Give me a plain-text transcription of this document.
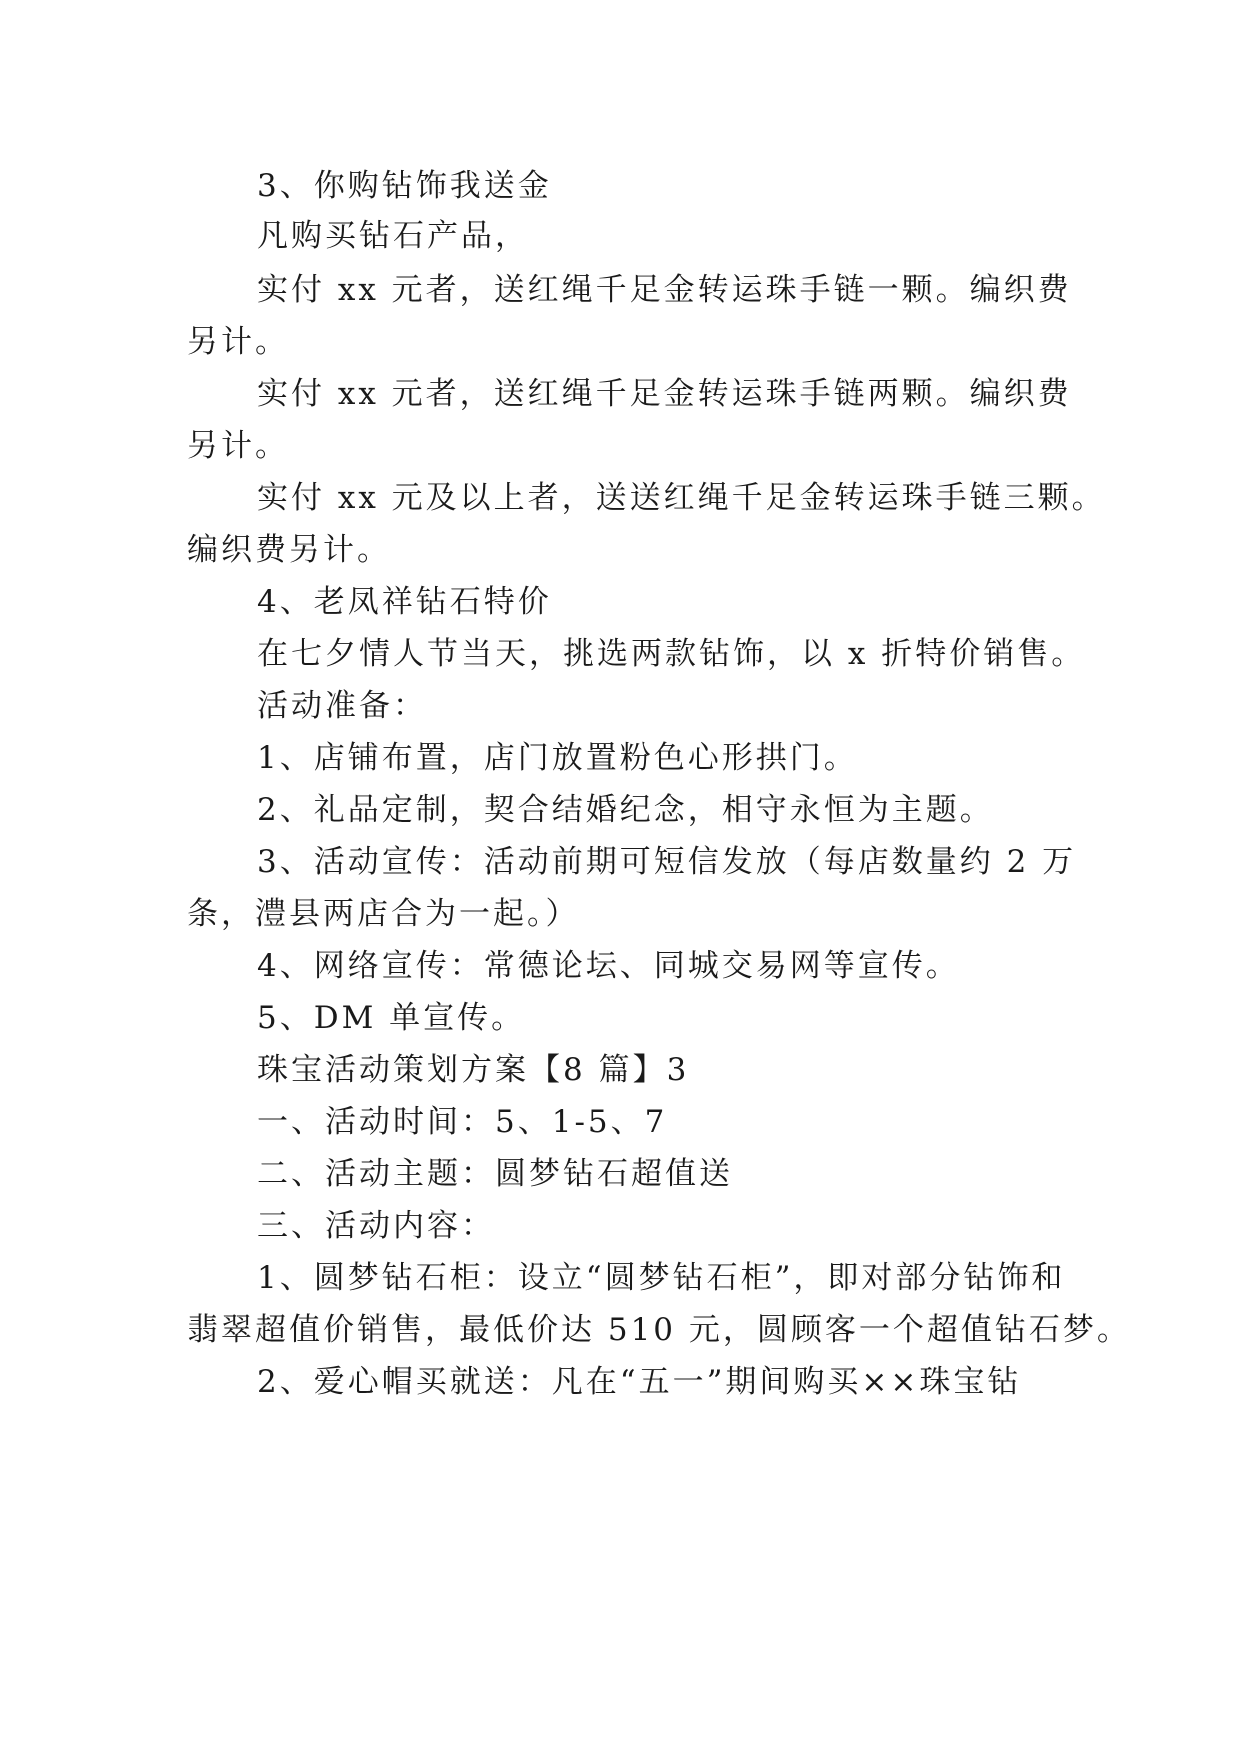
3、你购钻饰我送金
凡购买钻石产品，
实付 xx 元者，送红绳千足金转运珠手链一颗。编织费
另计。
实付 xx 元者，送红绳千足金转运珠手链两颗。编织费
另计。
实付 xx 元及以上者，送送红绳千足金转运珠手链三颗。
编织费另计。
4、老凤祥钻石特价
在七夕情人节当天，挑选两款钻饰，以 x 折特价销售。
活动准备：
1、店铺布置，店门放置粉色心形拱门。
2、礼品定制，契合结婚纪念，相守永恒为主题。
3、活动宣传：活动前期可短信发放（每店数量约 2 万
条，澧县两店合为一起。）
4、网络宣传：常德论坛、同城交易网等宣传。
5、DM 单宣传。
珠宝活动策划方案【8 篇】3
一、活动时间：5、1-5、7
二、活动主题：圆梦钻石超值送
三、活动内容：
1、圆梦钻石柜：设立“圆梦钻石柜”，即对部分钻饰和
翡翠超值价销售，最低价达 510 元，圆顾客一个超值钻石梦。
2、爱心帽买就送：凡在“五一”期间购买××珠宝钻
